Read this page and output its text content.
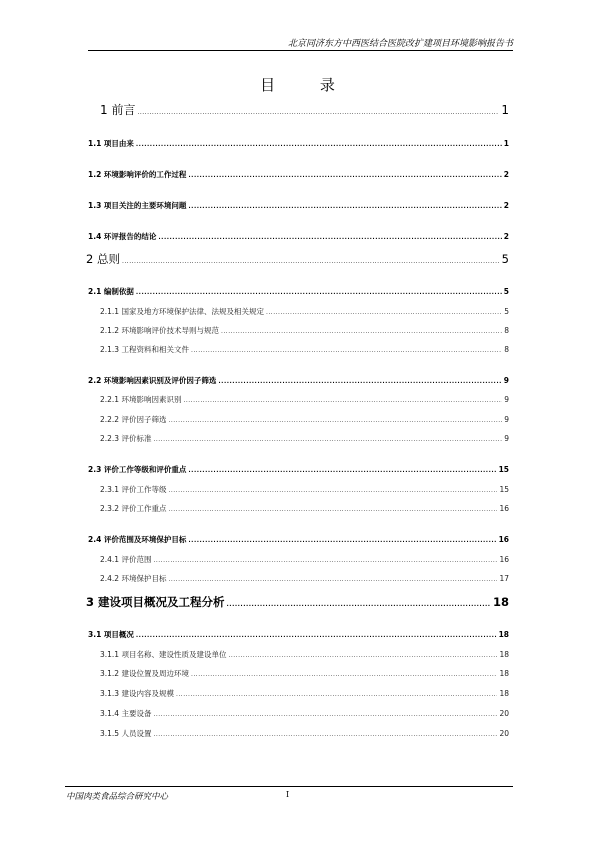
北京同济东方中西医结合医院改扩建项目环境影响报告书
目 录
1 前言 .....	1
1.1 项目由来 .....	1
1.2 环境影响评价的工作过程 .....	2
1.3 项目关注的主要环境问题 .....	2
1.4 环评报告的结论 .....	2
2 总则 .....	5
2.1 编制依据 .....	5
2.1.1 国家及地方环境保护法律、法规及相关规定 .....	5
2.1.2 环境影响评价技术导则与规范 .....	8
2.1.3 工程资料和相关文件 .....	8
2.2 环境影响因素识别及评价因子筛选 .....	9
2.2.1 环境影响因素识别 .....	9
2.2.2 评价因子筛选 .....	9
2.2.3 评价标准 .....	9
2.3 评价工作等级和评价重点 .....	15
2.3.1 评价工作等级 .....	15
2.3.2 评价工作重点 .....	16
2.4 评价范围及环境保护目标 .....	16
2.4.1 评价范围 .....	16
2.4.2 环境保护目标 .....	17
3 建设项目概况及工程分析 .....	18
3.1 项目概况 .....	18
3.1.1 项目名称、建设性质及建设单位 .....	18
3.1.2 建设位置及周边环境 .....	18
3.1.3 建设内容及规模 .....	18
3.1.4 主要设备 .....	20
3.1.5 人员设置 .....	20
中国肉类食品综合研究中心	I
